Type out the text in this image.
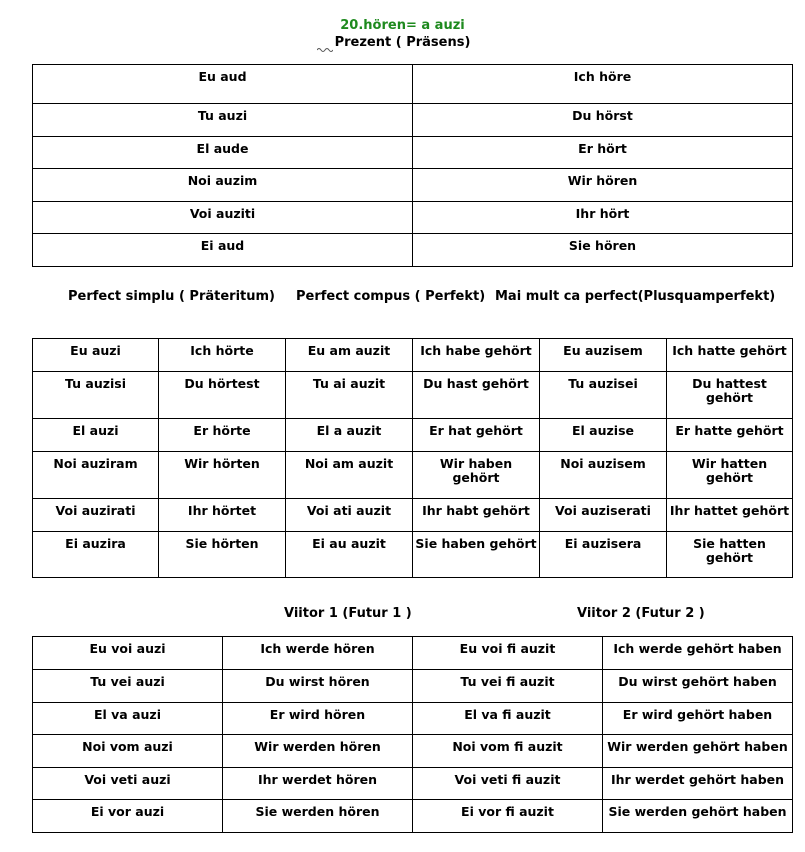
20.hören= a auzi
Prezent ( Präsens)
Eu aud	Ich höre
Tu auzi	Du hörst
El aude	Er hört
Noi auzim	Wir hören
Voi auziti	Ihr hört
Ei aud	Sie hören
Perfect simplu ( Präteritum) Perfect compus ( Perfekt) Mai mult ca perfect(Plusquamperfekt)
Eu auzi	Ich hörte	Eu am auzit	Ich habe gehört	Eu auzisem	Ich hatte gehört
Tu auzisi	Du hörtest	Tu ai auzit	Du hast gehört	Tu auzisei	Du hattest gehört
El auzi	Er hörte	El a auzit	Er hat gehört	El auzise	Er hatte gehört
Noi auziram	Wir hörten	Noi am auzit	Wir haben gehört	Noi auzisem	Wir hatten gehört
Voi auzirati	Ihr hörtet	Voi ati auzit	Ihr habt gehört	Voi auziserati	Ihr hattet gehört
Ei auzira	Sie hörten	Ei au auzit	Sie haben gehört	Ei auzisera	Sie hatten gehört
Viitor 1 (Futur 1 )	Viitor 2 (Futur 2 )
Eu voi auzi	Ich werde hören	Eu voi fi auzit	Ich werde gehört haben
Tu vei auzi	Du wirst hören	Tu vei fi auzit	Du wirst gehört haben
El va auzi	Er wird hören	El va fi auzit	Er wird gehört haben
Noi vom auzi	Wir werden hören	Noi vom fi auzit	Wir werden gehört haben
Voi veti auzi	Ihr werdet hören	Voi veti fi auzit	Ihr werdet gehört haben
Ei vor auzi	Sie werden hören	Ei vor fi auzit	Sie werden gehört haben
